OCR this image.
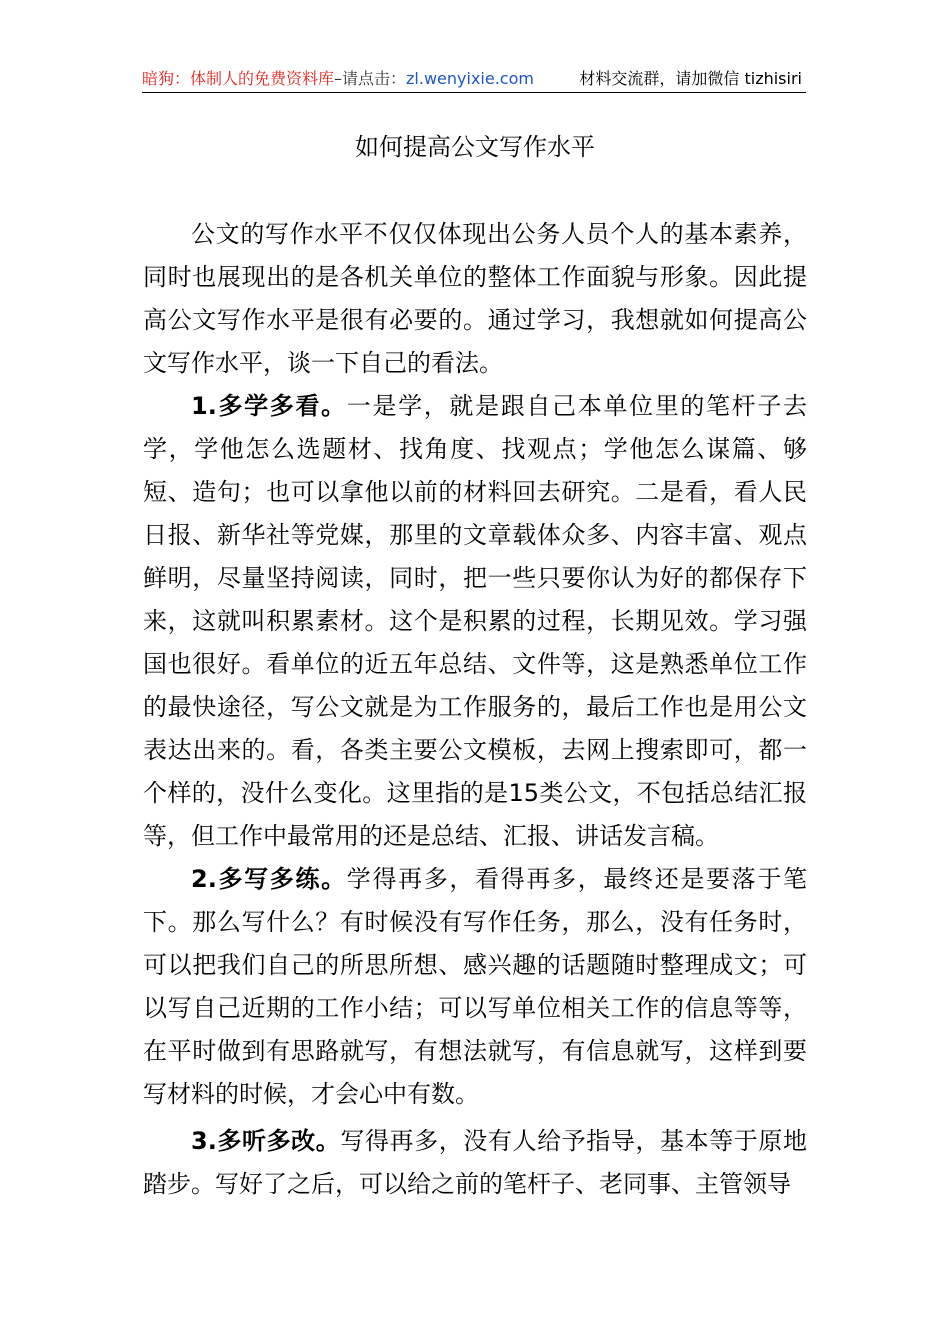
暗狗：体制人的免费资料库–请点击：zl.wenyixie.com	材料交流群，请加微信 tizhisiri
如何提高公文写作水平

公文的写作水平不仅仅体现出公务人员个人的基本素养，同时也展现出的是各机关单位的整体工作面貌与形象。因此提高公文写作水平是很有必要的。通过学习，我想就如何提高公文写作水平，谈一下自己的看法。

1.多学多看。一是学，就是跟自己本单位里的笔杆子去学，学他怎么选题材、找角度、找观点；学他怎么谋篇、够短、造句；也可以拿他以前的材料回去研究。二是看，看人民日报、新华社等党媒，那里的文章载体众多、内容丰富、观点鲜明，尽量坚持阅读，同时，把一些只要你认为好的都保存下来，这就叫积累素材。这个是积累的过程，长期见效。学习强国也很好。看单位的近五年总结、文件等，这是熟悉单位工作的最快途径，写公文就是为工作服务的，最后工作也是用公文表达出来的。看，各类主要公文模板，去网上搜索即可，都一个样的，没什么变化。这里指的是15类公文，不包括总结汇报等，但工作中最常用的还是总结、汇报、讲话发言稿。

2.多写多练。学得再多，看得再多，最终还是要落于笔下。那么写什么？有时候没有写作任务，那么，没有任务时，可以把我们自己的所思所想、感兴趣的话题随时整理成文；可以写自己近期的工作小结；可以写单位相关工作的信息等等，在平时做到有思路就写，有想法就写，有信息就写，这样到要写材料的时候，才会心中有数。

3.多听多改。写得再多，没有人给予指导，基本等于原地踏步。写好了之后，可以给之前的笔杆子、老同事、主管领导
